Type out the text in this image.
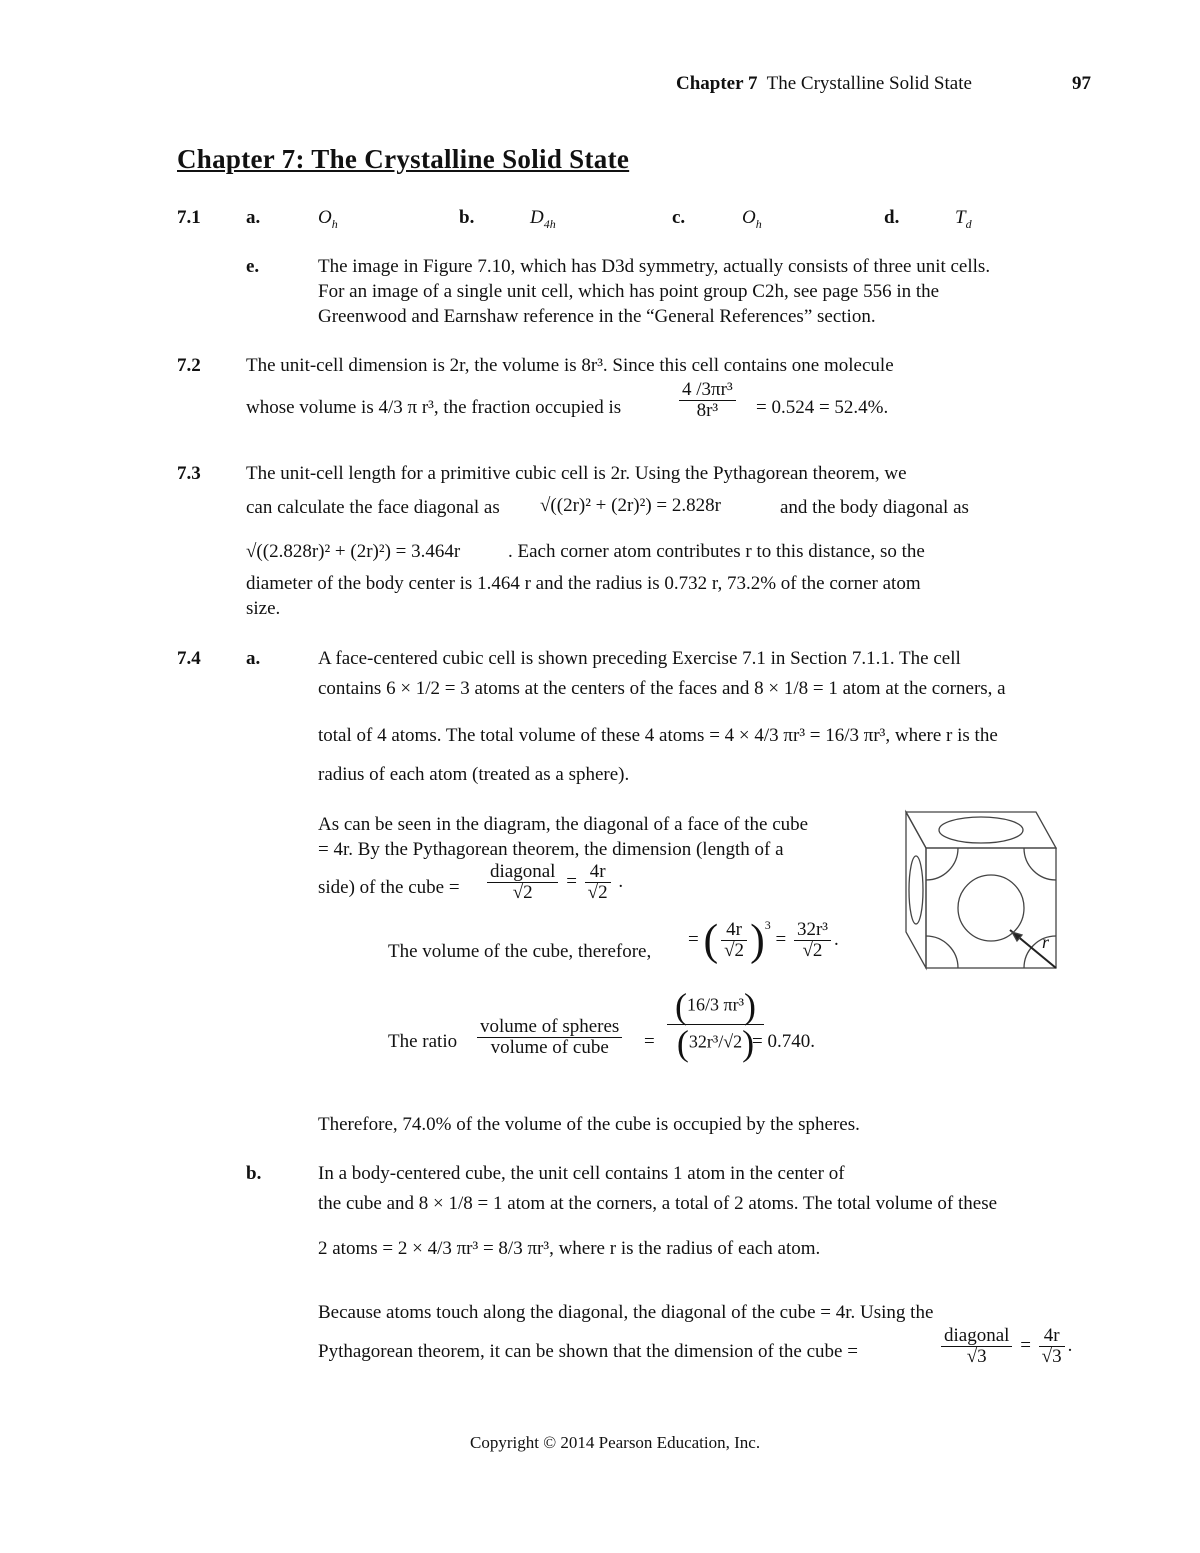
Chapter 7 The Crystalline Solid State	97
Chapter 7: The Crystalline Solid State
7.1 a.	$O_h$	b.	$D_{4h}$	c.	$O_h$	d.	$T_d$
e.	The image in Figure 7.10, which has D3d symmetry, actually consists of three unit cells.
For an image of a single unit cell, which has point group C2h, see page 556 in the
Greenwood and Earnshaw reference in the “General References” section.
7.2 The unit-cell dimension is 2r, the volume is 8r³. Since this cell contains one molecule
whose volume is 4/3 π r³, the fraction occupied is	$\frac{\text{4 /3πr³}}{\text{8r³}} = 0.524 = 52.4\%$.
7.3 The unit-cell length for a primitive cubic cell is 2r. Using the Pythagorean theorem, we
can calculate the face diagonal as √((2r)² + (2r)²) = 2.828r	and the body diagonal as
√((2.828r)² + (2r)²) = 3.464r	. Each corner atom contributes r to this distance, so the
diameter of the body center is 1.464 r and the radius is 0.732 r, 73.2% of the corner atom
size.
7.4 a.	A face-centered cubic cell is shown preceding Exercise 7.1 in Section 7.1.1. The cell
contains 6 × 1/2 = 3 atoms at the centers of the faces and 8 × 1/8 = 1 atom at the corners, a
total of 4 atoms. The total volume of these 4 atoms = 4 × 4/3 πr³ = 16/3 πr³, where r is the
radius of each atom (treated as a sphere).
As can be seen in the diagram, the diagonal of a face of the cube
= 4r. By the Pythagorean theorem, the dimension (length of a
side) of the cube = $\frac{\text{diagonal}}{√2} = \frac{4r}{√2}$ .
The volume of the cube, therefore,
= ( $\frac{4r}{√2} )^3 = \frac{\text{32r³}}{√2}$ .
The ratio $\frac{\text{volume of spheres}}{\text{volume of cube}} = \frac{\text{(16/3 πr³)}}{\text{(32r³/√2)}}$
= 0.740.
Therefore, 74.0% of the volume of the cube is occupied by the spheres.
r
b.	In a body-centered cube, the unit cell contains 1 atom in the center of
the cube and 8 × 1/8 = 1 atom at the corners, a total of 2 atoms. The total volume of these
2 atoms = 2 × 4/3 πr³ = 8/3 πr³, where r is the radius of each atom.
Because atoms touch along the diagonal, the diagonal of the cube = 4r. Using the
Pythagorean theorem, it can be shown that the dimension of the cube =	$\frac{\text{diagonal}}{√3} = \frac{4r}{√3}$ .
Copyright © 2014 Pearson Education, Inc.
